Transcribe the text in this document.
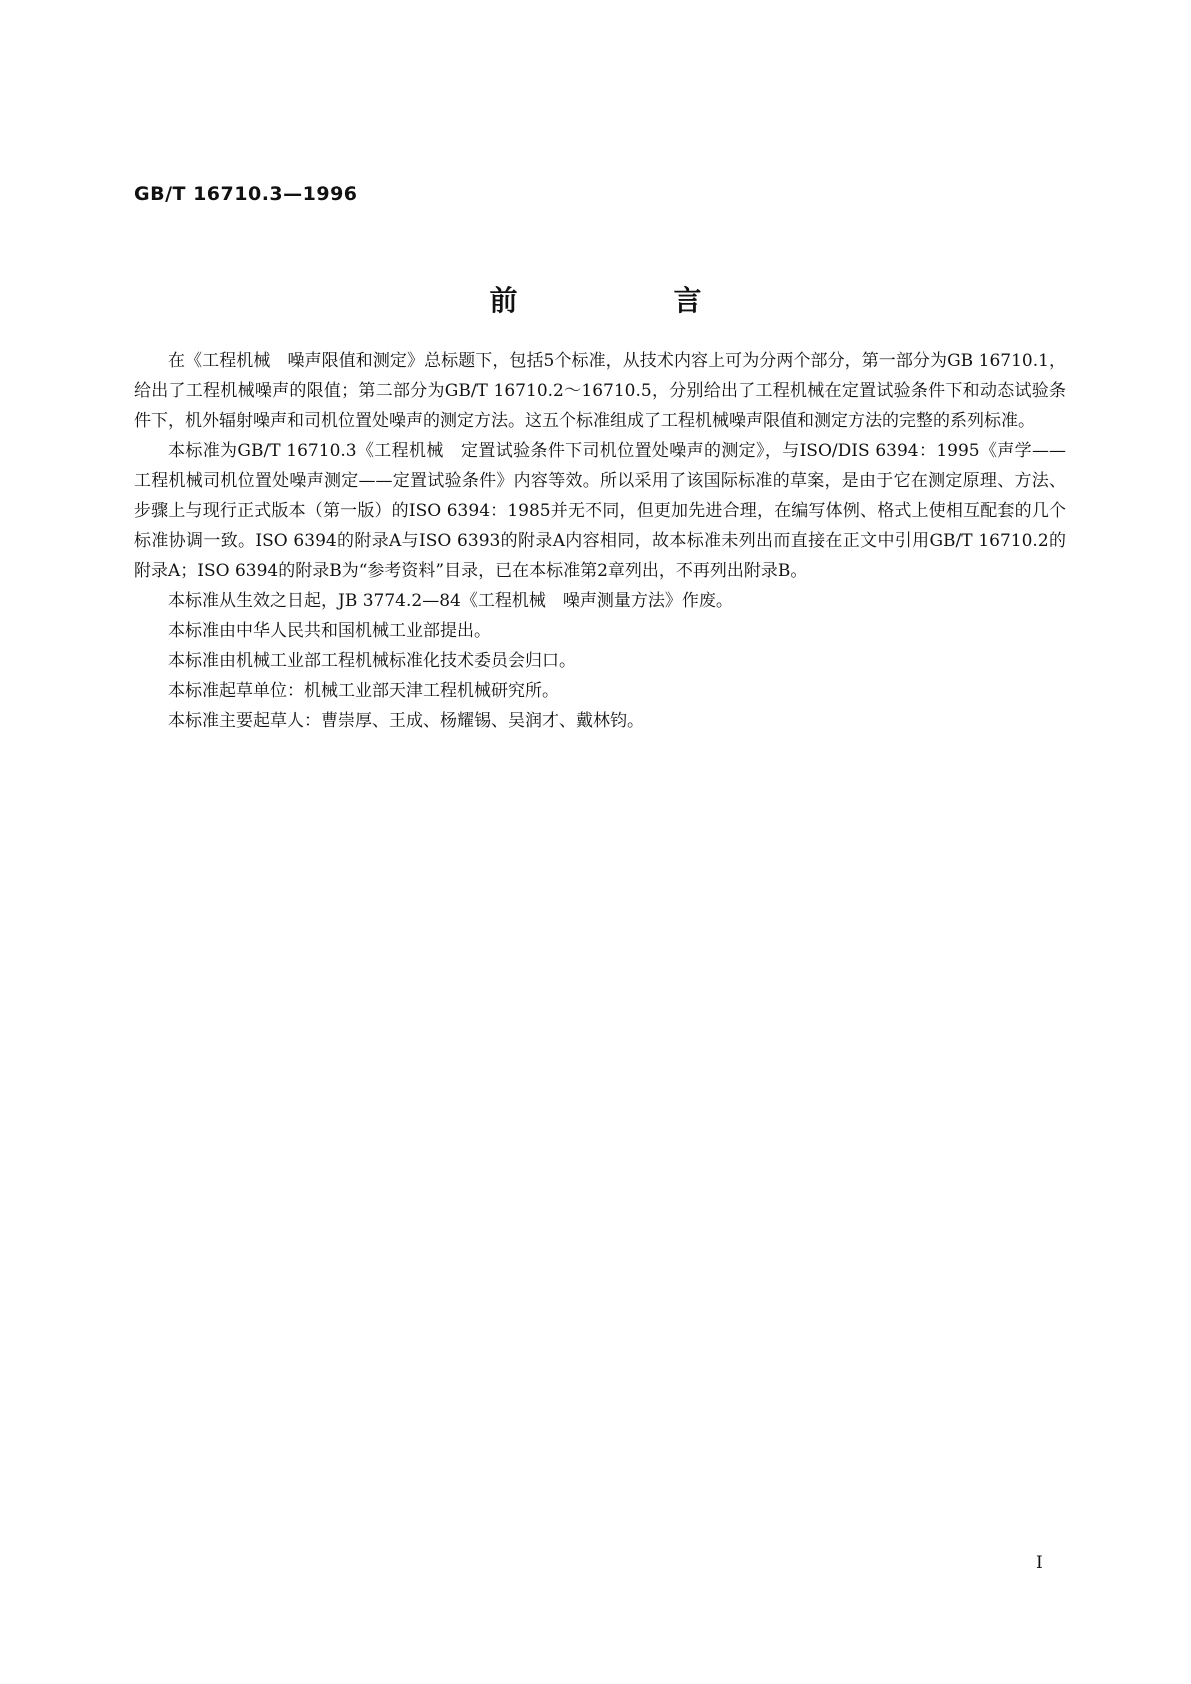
GB/T 16710.3—1996
前　言

在《工程机械　噪声限值和测定》总标题下，包括5个标准，从技术内容上可为分两个部分，第一部分为GB 16710.1，给出了工程机械噪声的限值；第二部分为GB/T 16710.2～16710.5，分别给出了工程机械在定置试验条件下和动态试验条件下，机外辐射噪声和司机位置处噪声的测定方法。这五个标准组成了工程机械噪声限值和测定方法的完整的系列标准。

本标准为GB/T 16710.3《工程机械　定置试验条件下司机位置处噪声的测定》，与ISO/DIS 6394：1995《声学——工程机械司机位置处噪声测定——定置试验条件》内容等效。所以采用了该国际标准的草案，是由于它在测定原理、方法、步骤上与现行正式版本（第一版）的ISO 6394：1985并无不同，但更加先进合理，在编写体例、格式上使相互配套的几个标准协调一致。ISO 6394的附录A与ISO 6393的附录A内容相同，故本标准未列出而直接在正文中引用GB/T 16710.2的附录A；ISO 6394的附录B为“参考资料”目录，已在本标准第2章列出，不再列出附录B。

本标准从生效之日起，JB 3774.2—84《工程机械　噪声测量方法》作废。

本标准由中华人民共和国机械工业部提出。

本标准由机械工业部工程机械标准化技术委员会归口。

本标准起草单位：机械工业部天津工程机械研究所。

本标准主要起草人：曹崇厚、王成、杨耀锡、吴润才、戴林钧。

I
